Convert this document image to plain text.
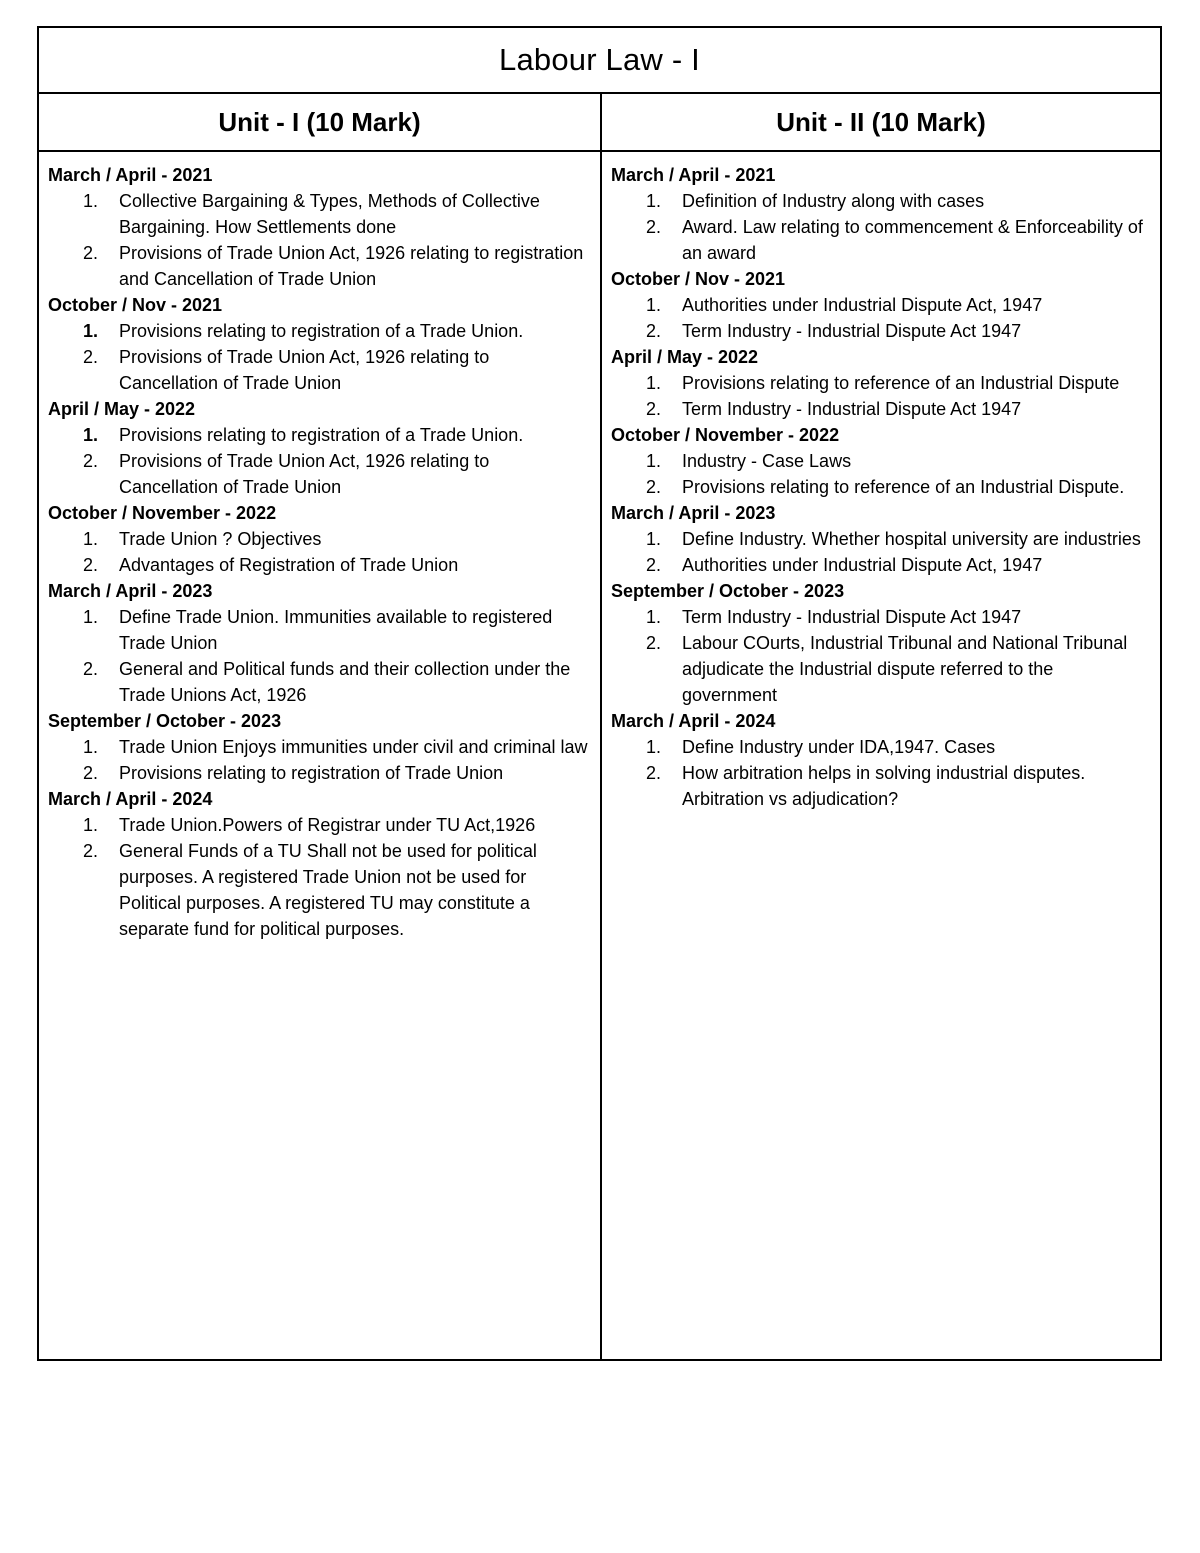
Labour Law - I
Unit - I (10 Mark)
March / April - 2021
Collective Bargaining & Types, Methods of Collective Bargaining. How Settlements done
Provisions of Trade Union Act, 1926 relating to registration and Cancellation of Trade Union
October / Nov - 2021
Provisions relating to registration of a Trade Union.
Provisions of Trade Union Act, 1926 relating to Cancellation of Trade Union
April / May - 2022
Provisions relating to registration of a Trade Union.
Provisions of Trade Union Act, 1926 relating to Cancellation of Trade Union
October / November - 2022
Trade Union ? Objectives
Advantages of Registration of Trade Union
March / April - 2023
Define Trade Union. Immunities available to registered Trade Union
General and Political funds and their collection under the Trade Unions Act, 1926
September / October - 2023
Trade Union Enjoys immunities under civil and criminal law
Provisions relating to registration of Trade Union
March / April - 2024
Trade Union.Powers of Registrar under TU Act,1926
General Funds of a TU Shall not be used for political purposes. A registered Trade Union not be used for Political purposes. A registered TU may constitute a separate fund for political purposes.
Unit - II (10 Mark)
March / April - 2021
Definition of Industry along with cases
Award. Law relating to commencement & Enforceability of an award
October / Nov - 2021
Authorities under Industrial Dispute Act, 1947
Term Industry - Industrial Dispute Act 1947
April / May - 2022
Provisions relating to reference of an Industrial Dispute
Term Industry - Industrial Dispute Act 1947
October / November - 2022
Industry - Case Laws
Provisions relating to reference of an Industrial Dispute.
March / April - 2023
Define Industry. Whether hospital university are industries
Authorities under Industrial Dispute Act, 1947
September / October - 2023
Term Industry - Industrial Dispute Act 1947
Labour COurts, Industrial Tribunal and National Tribunal adjudicate the Industrial dispute referred to the government
March / April - 2024
Define Industry under IDA,1947. Cases
How arbitration helps in solving industrial disputes. Arbitration vs adjudication?
